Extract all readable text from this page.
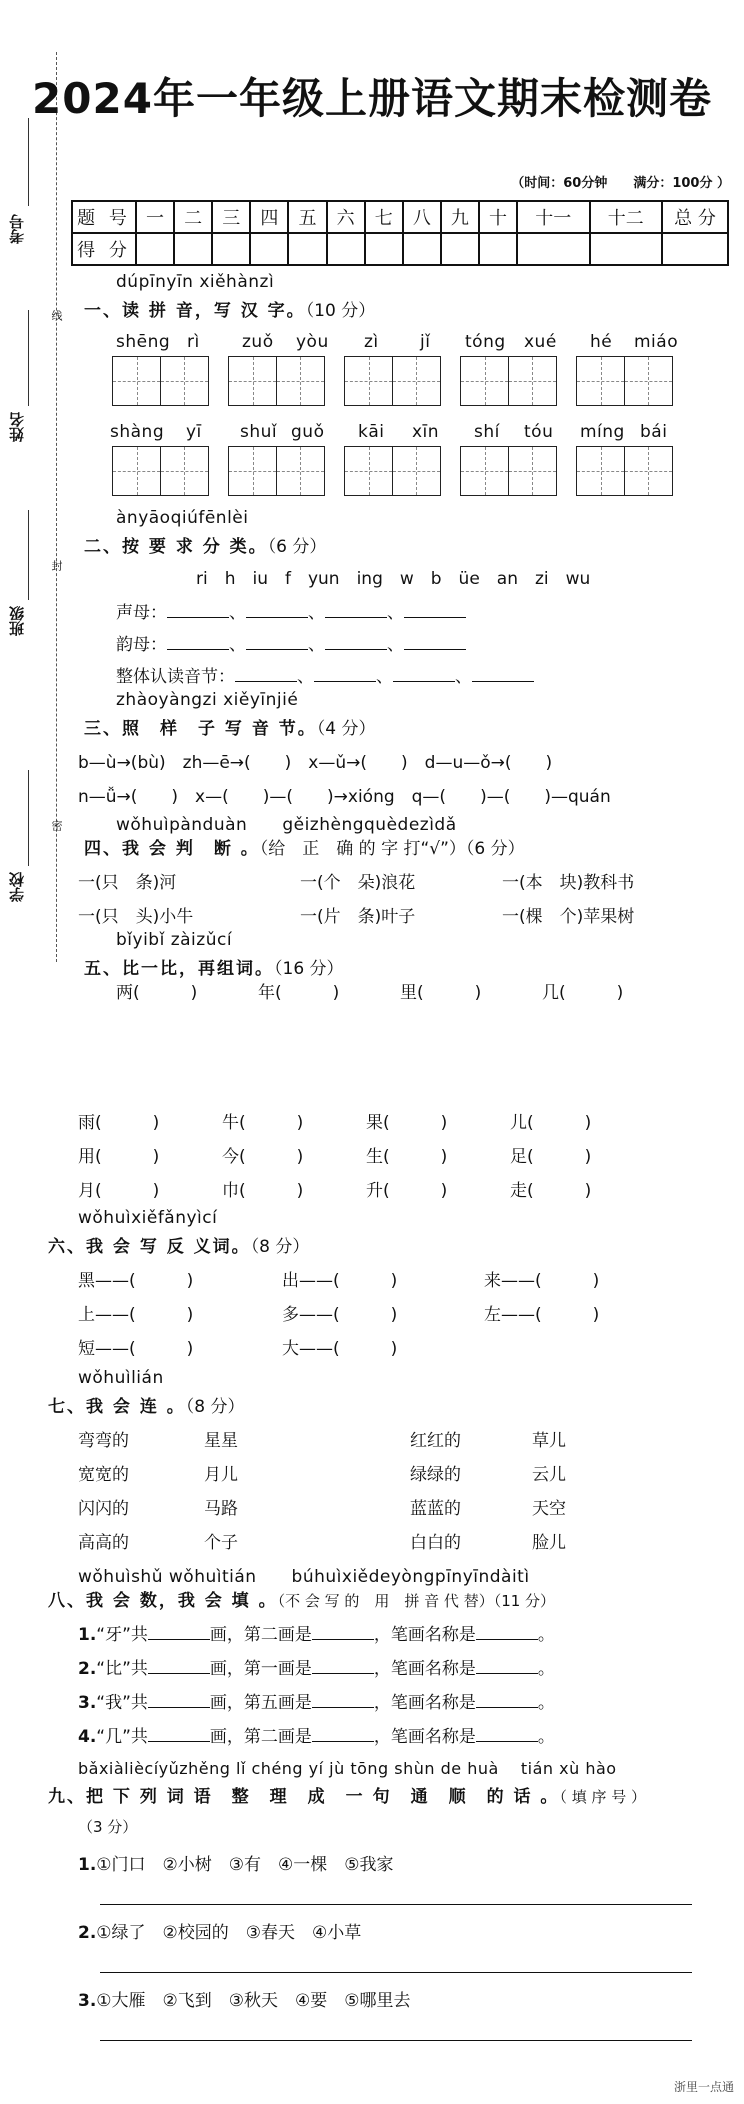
考号
姓名
班级
学校
线
封
密
2024年一年级上册语文期末检测卷
（时间：60分钟　　满分：100分 ）
题 号	一	二	三	四	五	六	七	八	九	十	十一	十二	总 分
得 分													
dúpīnyīn xiěhànzì
一、读 拼 音，写 汉 字。（10 分）
shēng rì zuǒ yòu zì jǐ tóng xué hé miáo
shàng yī shuǐ guǒ kāi xīn shí tóu míng bái
ànyāoqiúfēnlèi
二、按 要 求 分 类。（6 分）
ri　h　iu　f　yun　ing　w　b　üe　an　zi　wu
声母：	、	、	、
韵母：	、	、	、
整体认读音节：	、	、	、
zhàoyàngzi xiěyīnjié
三、照　样　子 写 音 节。（4 分）
b—ù→(bù)　zh—ē→(　　)　x—ǔ→(　　)　d—u—ǒ→(　　)
n—ǚ→(　　)　x—(　　)—(　　)→xióng　q—(　　)—(　　)—quán
wǒhuìpànduàn　　gěizhèngquèdezìdǎ
四、我 会 判　断 。（给　正　确 的 字 打“√”）（6 分）
一(只　条)河	一(个　朵)浪花	一(本　块)教科书
一(只　头)小牛	一(片　条)叶子	一(棵　个)苹果树
bǐyibǐ zàizǔcí
五、比一比，再组词。（16 分）
两(　　　)	年(　　　)	里(　　　)	几(　　　)
雨(　　　)	牛(　　　)	果(　　　)	儿(　　　)
用(　　　)	今(　　　)	生(　　　)	足(　　　)
月(　　　)	巾(　　　)	升(　　　)	走(　　　)
wǒhuìxiěfǎnyìcí
六、我 会 写 反 义词。（8 分）
黑——(　　　)	出——(　　　)	来——(　　　)
上——(　　　)	多——(　　　)	左——(　　　)
短——(　　　)	大——(　　　)
wǒhuìlián
七、我 会 连 。（8 分）
弯弯的	星星	红红的	草儿
宽宽的	月儿	绿绿的	云儿
闪闪的	马路	蓝蓝的	天空
高高的	个子	白白的	脸儿
wǒhuìshǔ wǒhuìtián　　búhuìxiědeyòngpīnyīndàitì
八、我 会 数，我 会 填 。（不 会 写 的　用　拼 音 代 替）（11 分）
1.“牙”共	画，第二画是	，笔画名称是	。
2.“比”共	画，第一画是	，笔画名称是	。
3.“我”共	画，第五画是	，笔画名称是	。
4.“几”共	画，第二画是	，笔画名称是	。
bǎxiàliècíyǔzhěng lǐ chéng yí jù tōng shùn de huà　 tián xù hào
九、把 下 列 词 语　整　理　成　一 句　通　顺　的 话 。（ 填 序 号 ）
（3 分）
1.①门口　②小树　③有　④一棵　⑤我家
2.①绿了　②校园的　③春天　④小草
3.①大雁　②飞到　③秋天　④要　⑤哪里去
浙里一点通
